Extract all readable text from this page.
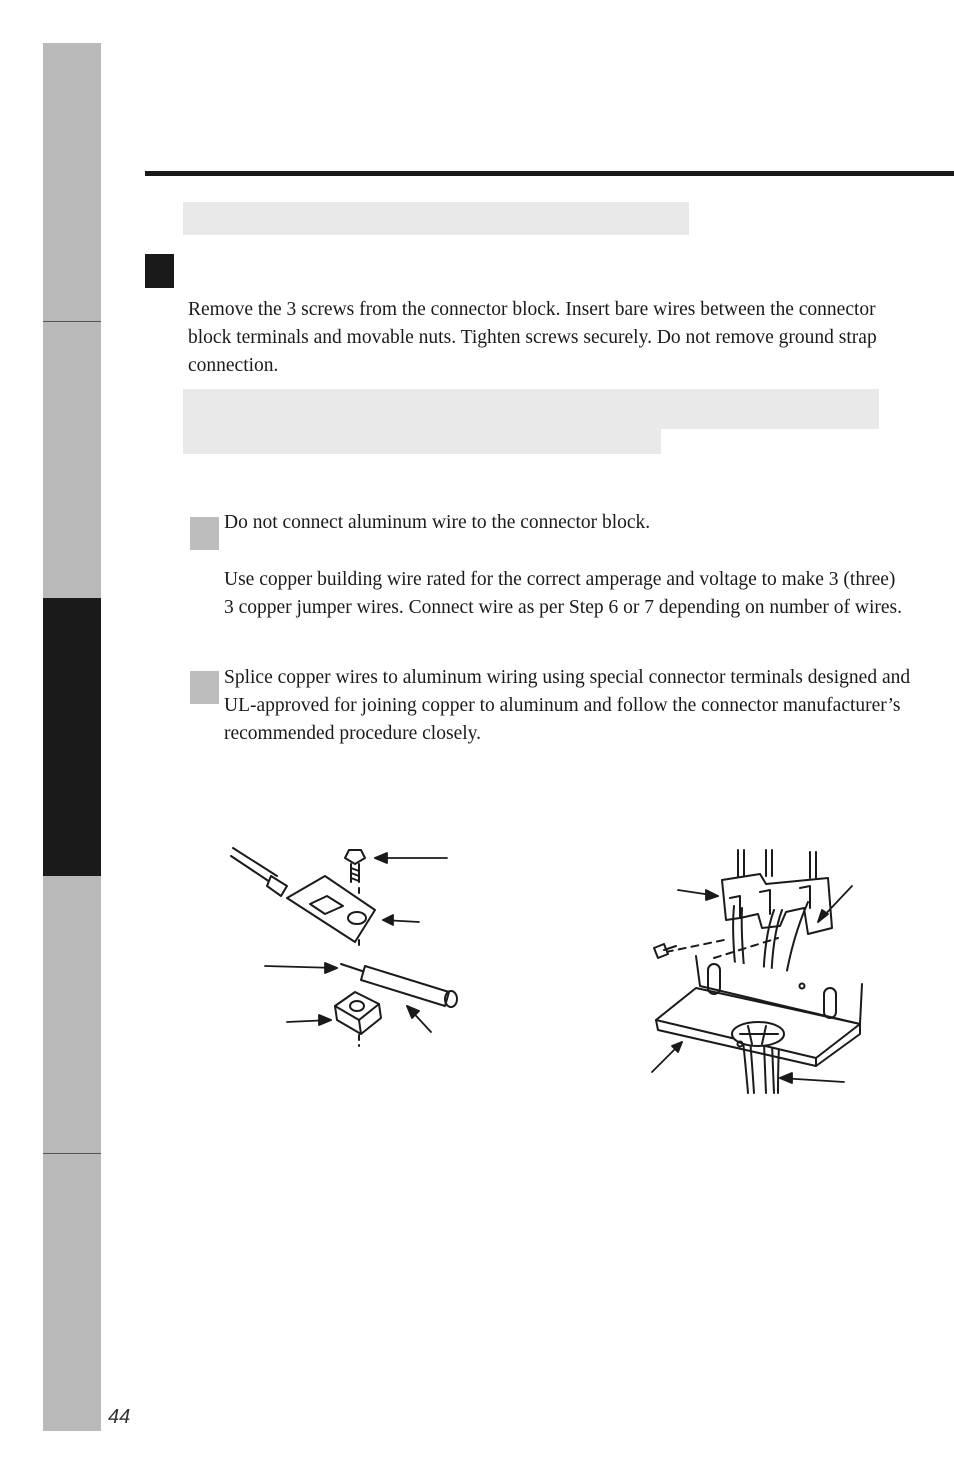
Remove the 3 screws from the connector block. Insert bare wires between the connector block terminals and movable nuts. Tighten screws securely. Do not remove ground strap connection.

Do not connect aluminum wire to the connector block.

Use copper building wire rated for the correct amperage and voltage to make 3 (three) 3 copper jumper wires. Connect wire as per Step 6 or 7 depending on number of wires.

Splice copper wires to aluminum wiring using special connector terminals designed and UL-approved for joining copper to aluminum and follow the connector manufacturer’s recommended procedure closely.

44
